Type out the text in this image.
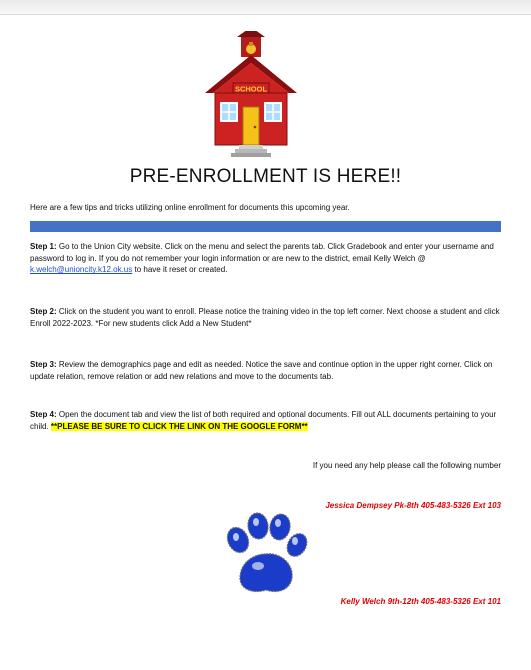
SCHOOL
PRE-ENROLLMENT IS HERE!!
Here are a few tips and tricks utilizing online enrollment for documents this upcoming year.
Step 1: Go to the Union City website. Click on the menu and select the parents tab. Click Gradebook and enter your username and password to log in. If you do not remember your login information or are new to the district, email Kelly Welch @ k.welch@unioncity.k12.ok.us to have it reset or created.
Step 2: Click on the student you want to enroll. Please notice the training video in the top left corner. Next choose a student and click Enroll 2022-2023. *For new students click Add a New Student*
Step 3: Review the demographics page and edit as needed. Notice the save and continue option in the upper right corner. Click on update relation, remove relation or add new relations and move to the documents tab.
Step 4: Open the document tab and view the list of both required and optional documents. Fill out ALL documents pertaining to your child. **PLEASE BE SURE TO CLICK THE LINK ON THE GOOGLE FORM**
If you need any help please call the following number
Jessica Dempsey Pk-8th 405-483-5326 Ext 103
Kelly Welch 9th-12th 405-483-5326 Ext 101
